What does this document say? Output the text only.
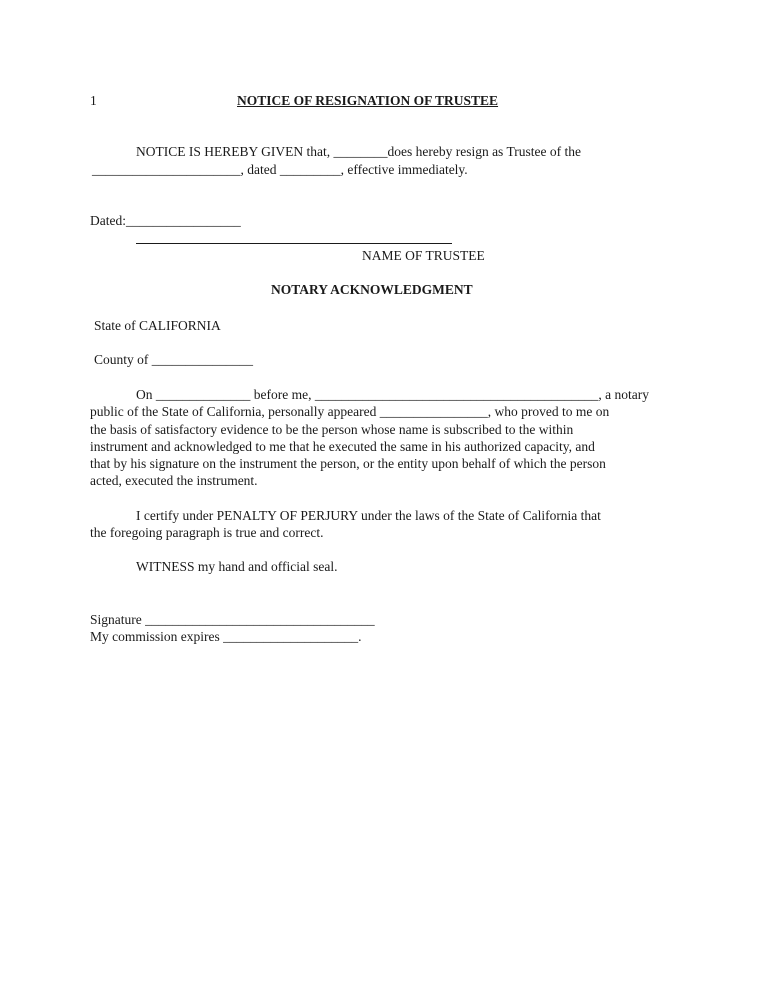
1	NOTICE OF RESIGNATION OF TRUSTEE
NOTICE IS HEREBY GIVEN that, ________does hereby resign as Trustee of the
______________________, dated _________, effective immediately.
Dated:_________________
NAME OF TRUSTEE
NOTARY ACKNOWLEDGMENT
State of CALIFORNIA
County of _______________
On ______________ before me, __________________________________________, a notary
public of the State of California, personally appeared ________________, who proved to me on
the basis of satisfactory evidence to be the person whose name is subscribed to the within
instrument and acknowledged to me that he executed the same in his authorized capacity, and
that by his signature on the instrument the person, or the entity upon behalf of which the person
acted, executed the instrument.
I certify under PENALTY OF PERJURY under the laws of the State of California that
the foregoing paragraph is true and correct.
WITNESS my hand and official seal.
Signature __________________________________
My commission expires ____________________.
